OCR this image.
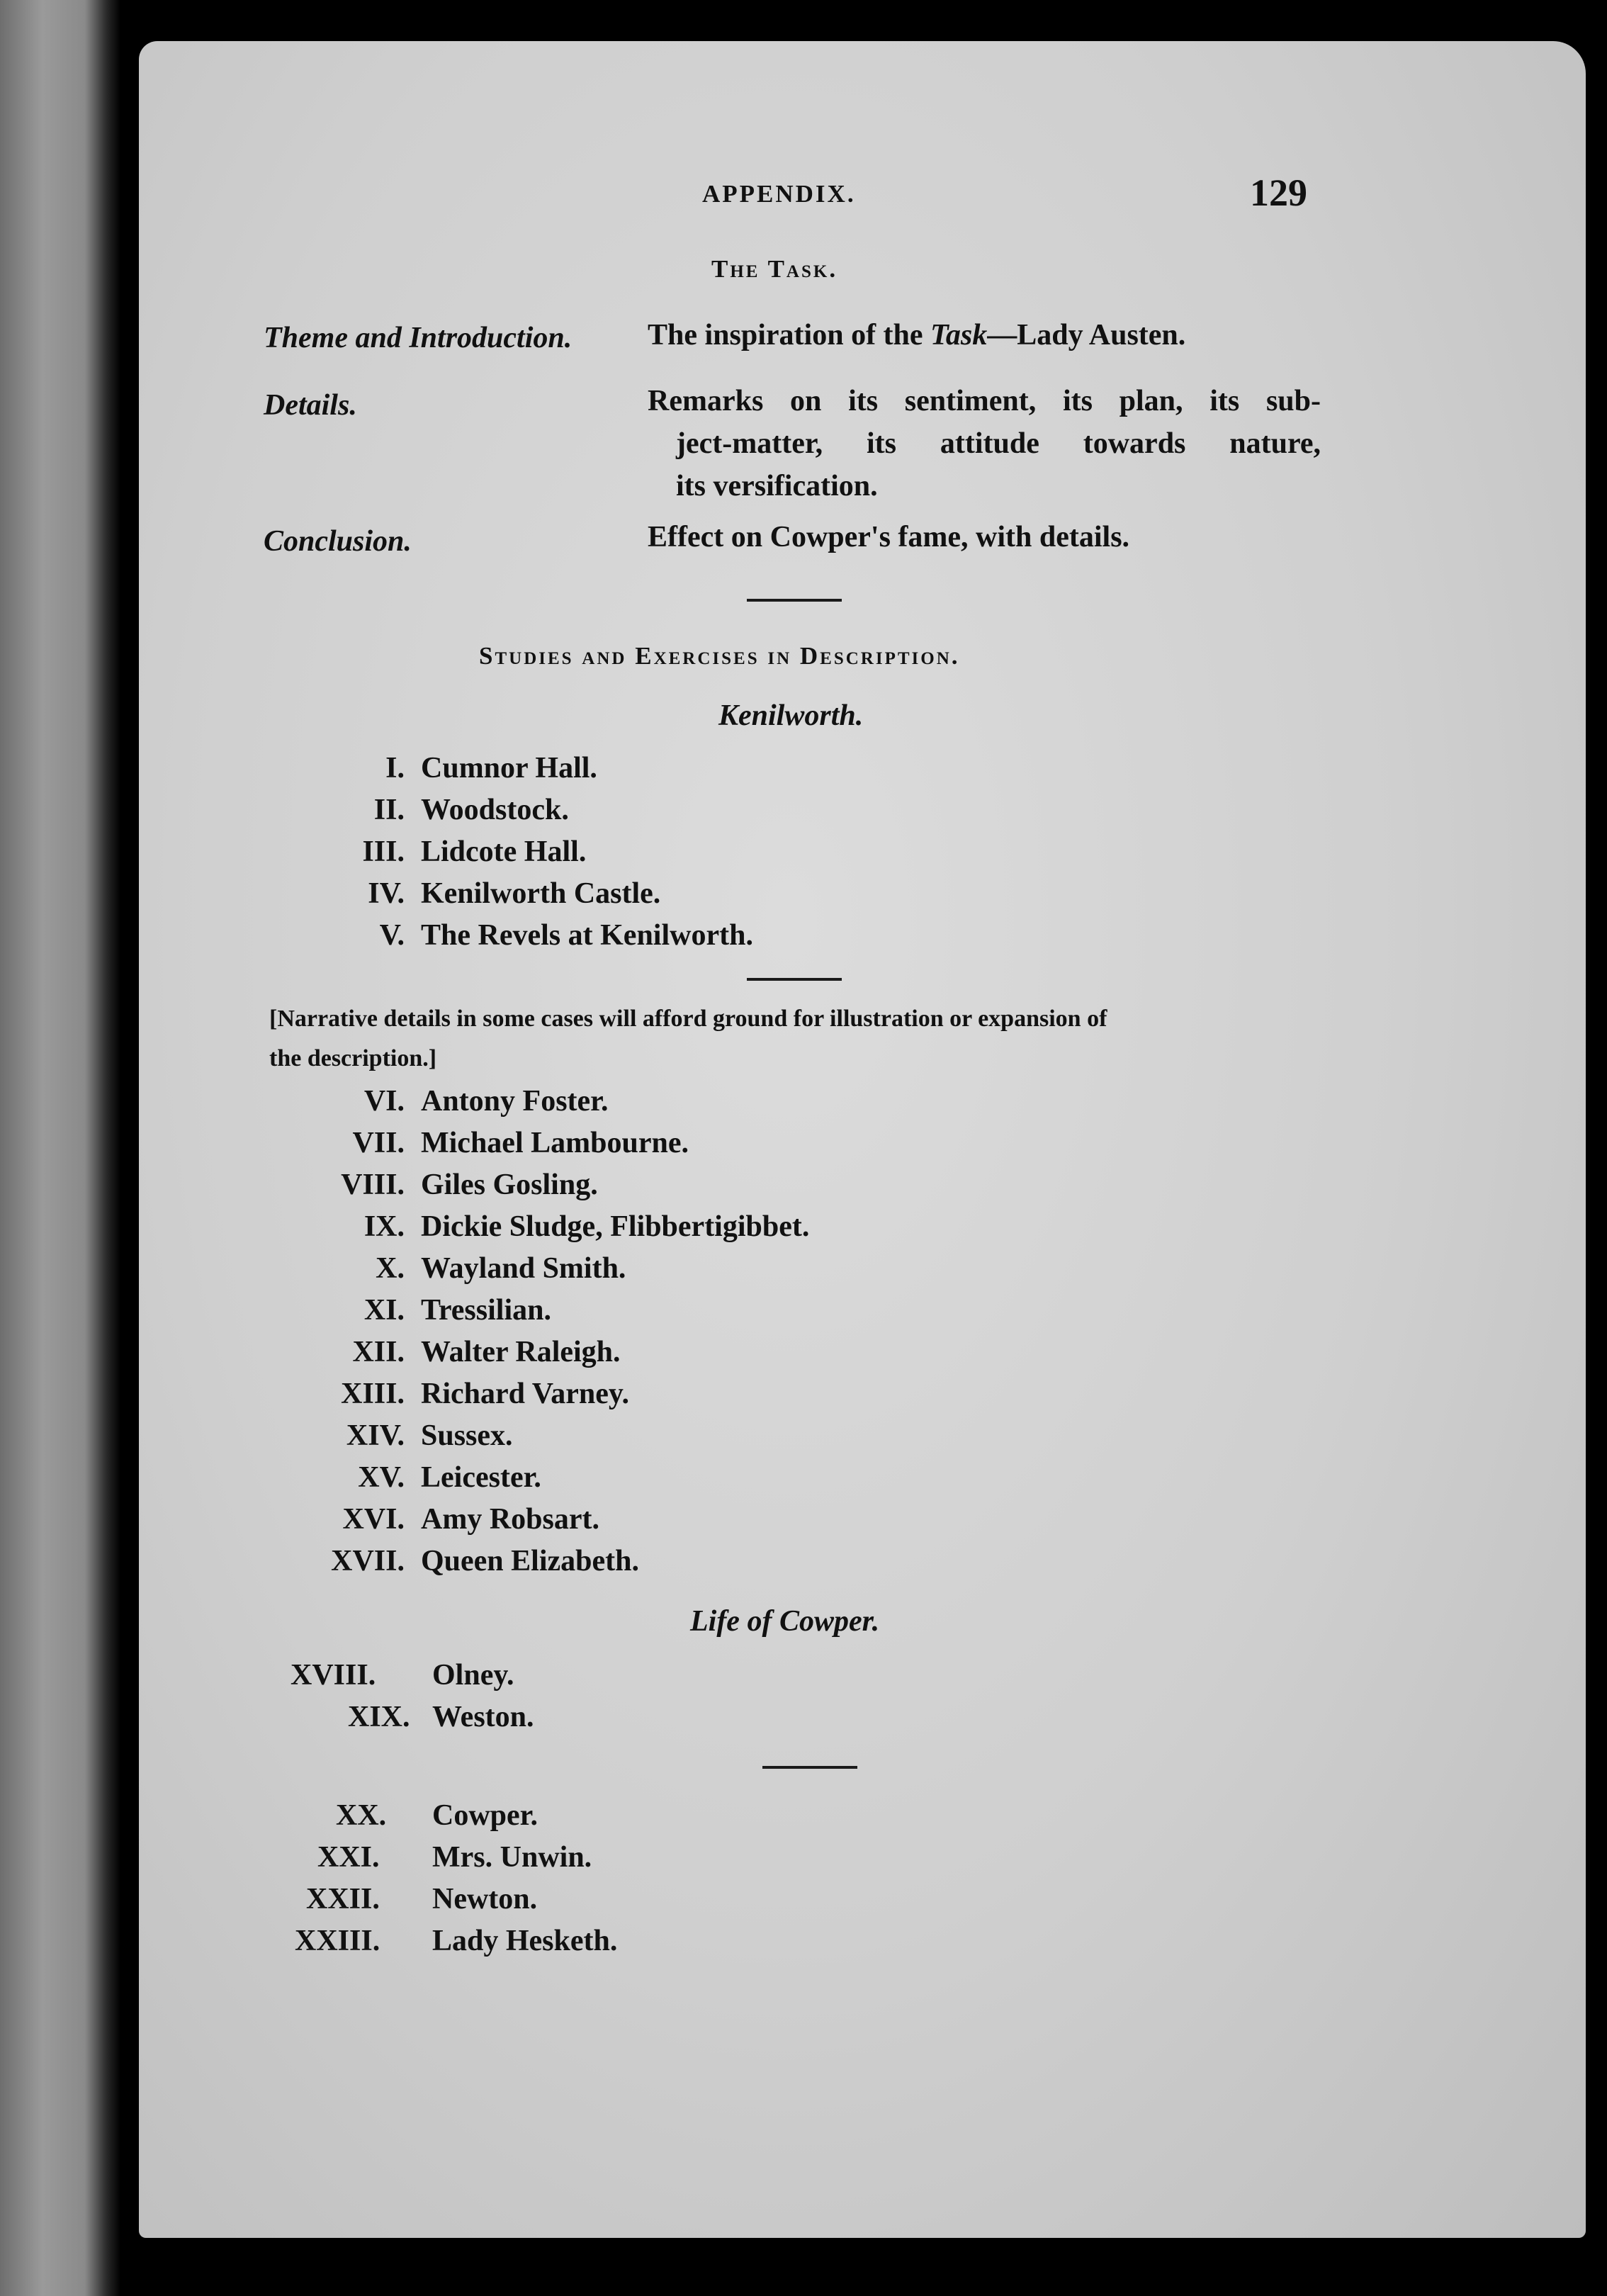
APPENDIX.	129
The Task.
Theme and Introduction.	The inspiration of the Task—Lady Austen.
Details.	Remarks on its sentiment, its plan, its sub-
ject-matter, its attitude towards nature,
its versification.
Conclusion.	Effect on Cowper's fame, with details.
Studies and Exercises in Description.
Kenilworth.
I. Cumnor Hall.
II. Woodstock.
III. Lidcote Hall.
IV. Kenilworth Castle.
V. The Revels at Kenilworth.
[Narrative details in some cases will afford ground for illustration or expansion of
the description.]
VI. Antony Foster.
VII. Michael Lambourne.
VIII. Giles Gosling.
IX. Dickie Sludge, Flibbertigibbet.
X. Wayland Smith.
XI. Tressilian.
XII. Walter Raleigh.
XIII. Richard Varney.
XIV. Sussex.
XV. Leicester.
XVI. Amy Robsart.
XVII. Queen Elizabeth.
Life of Cowper.
XVIII. Olney.
XIX. Weston.
XX. Cowper.
XXI. Mrs. Unwin.
XXII. Newton.
XXIII. Lady Hesketh.
